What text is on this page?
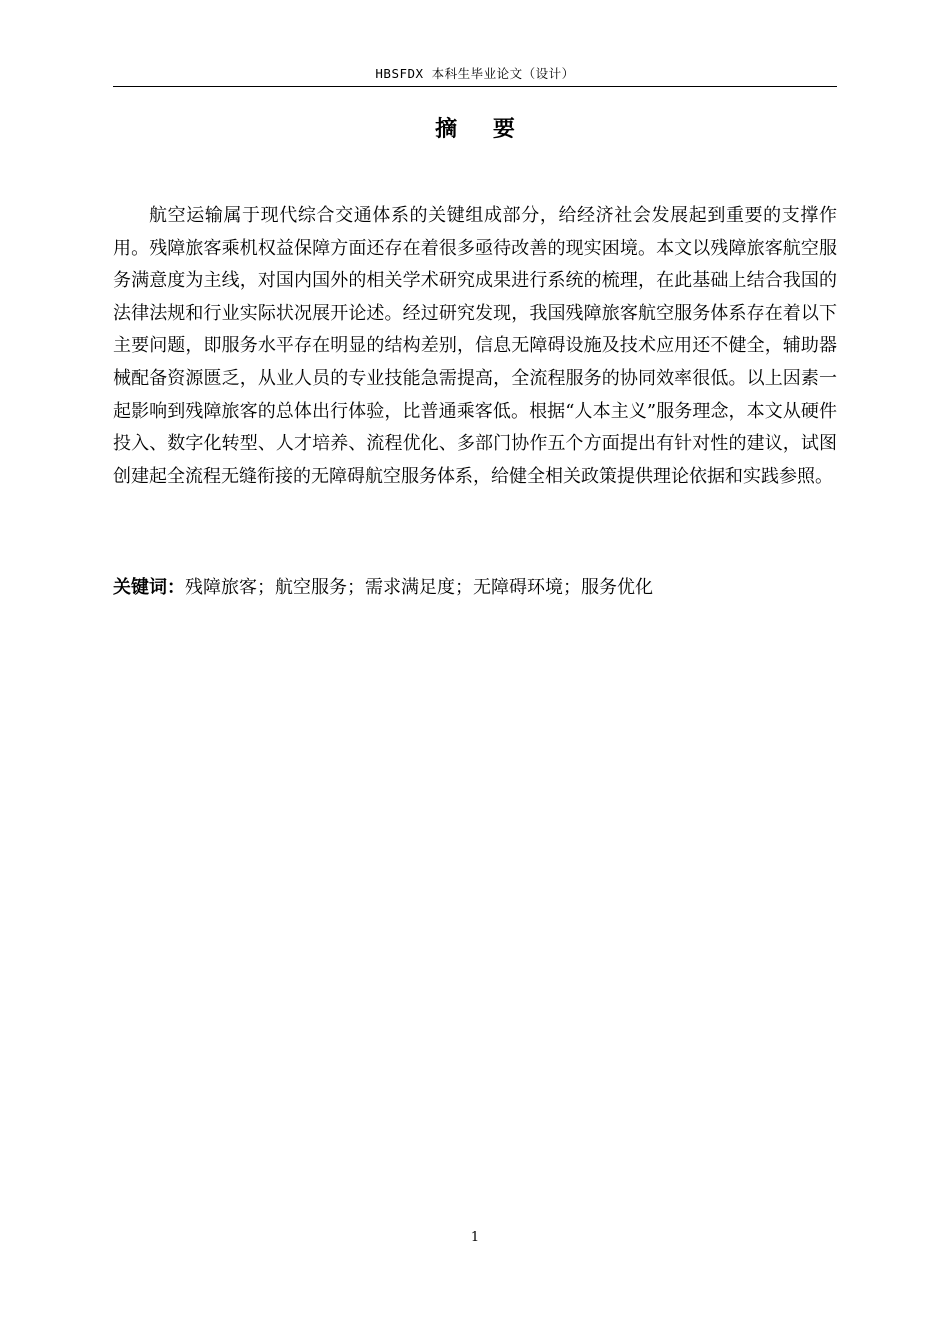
HBSFDX 本科生毕业论文（设计）
摘 要

航空运输属于现代综合交通体系的关键组成部分，给经济社会发展起到重要的支撑作用。残障旅客乘机权益保障方面还存在着很多亟待改善的现实困境。本文以残障旅客航空服务满意度为主线，对国内国外的相关学术研究成果进行系统的梳理，在此基础上结合我国的法律法规和行业实际状况展开论述。经过研究发现，我国残障旅客航空服务体系存在着以下主要问题，即服务水平存在明显的结构差别，信息无障碍设施及技术应用还不健全，辅助器械配备资源匮乏，从业人员的专业技能急需提高，全流程服务的协同效率很低。以上因素一起影响到残障旅客的总体出行体验，比普通乘客低。根据“人本主义”服务理念，本文从硬件投入、数字化转型、人才培养、流程优化、多部门协作五个方面提出有针对性的建议，试图创建起全流程无缝衔接的无障碍航空服务体系，给健全相关政策提供理论依据和实践参照。

关键词：残障旅客；航空服务；需求满足度；无障碍环境；服务优化

1
